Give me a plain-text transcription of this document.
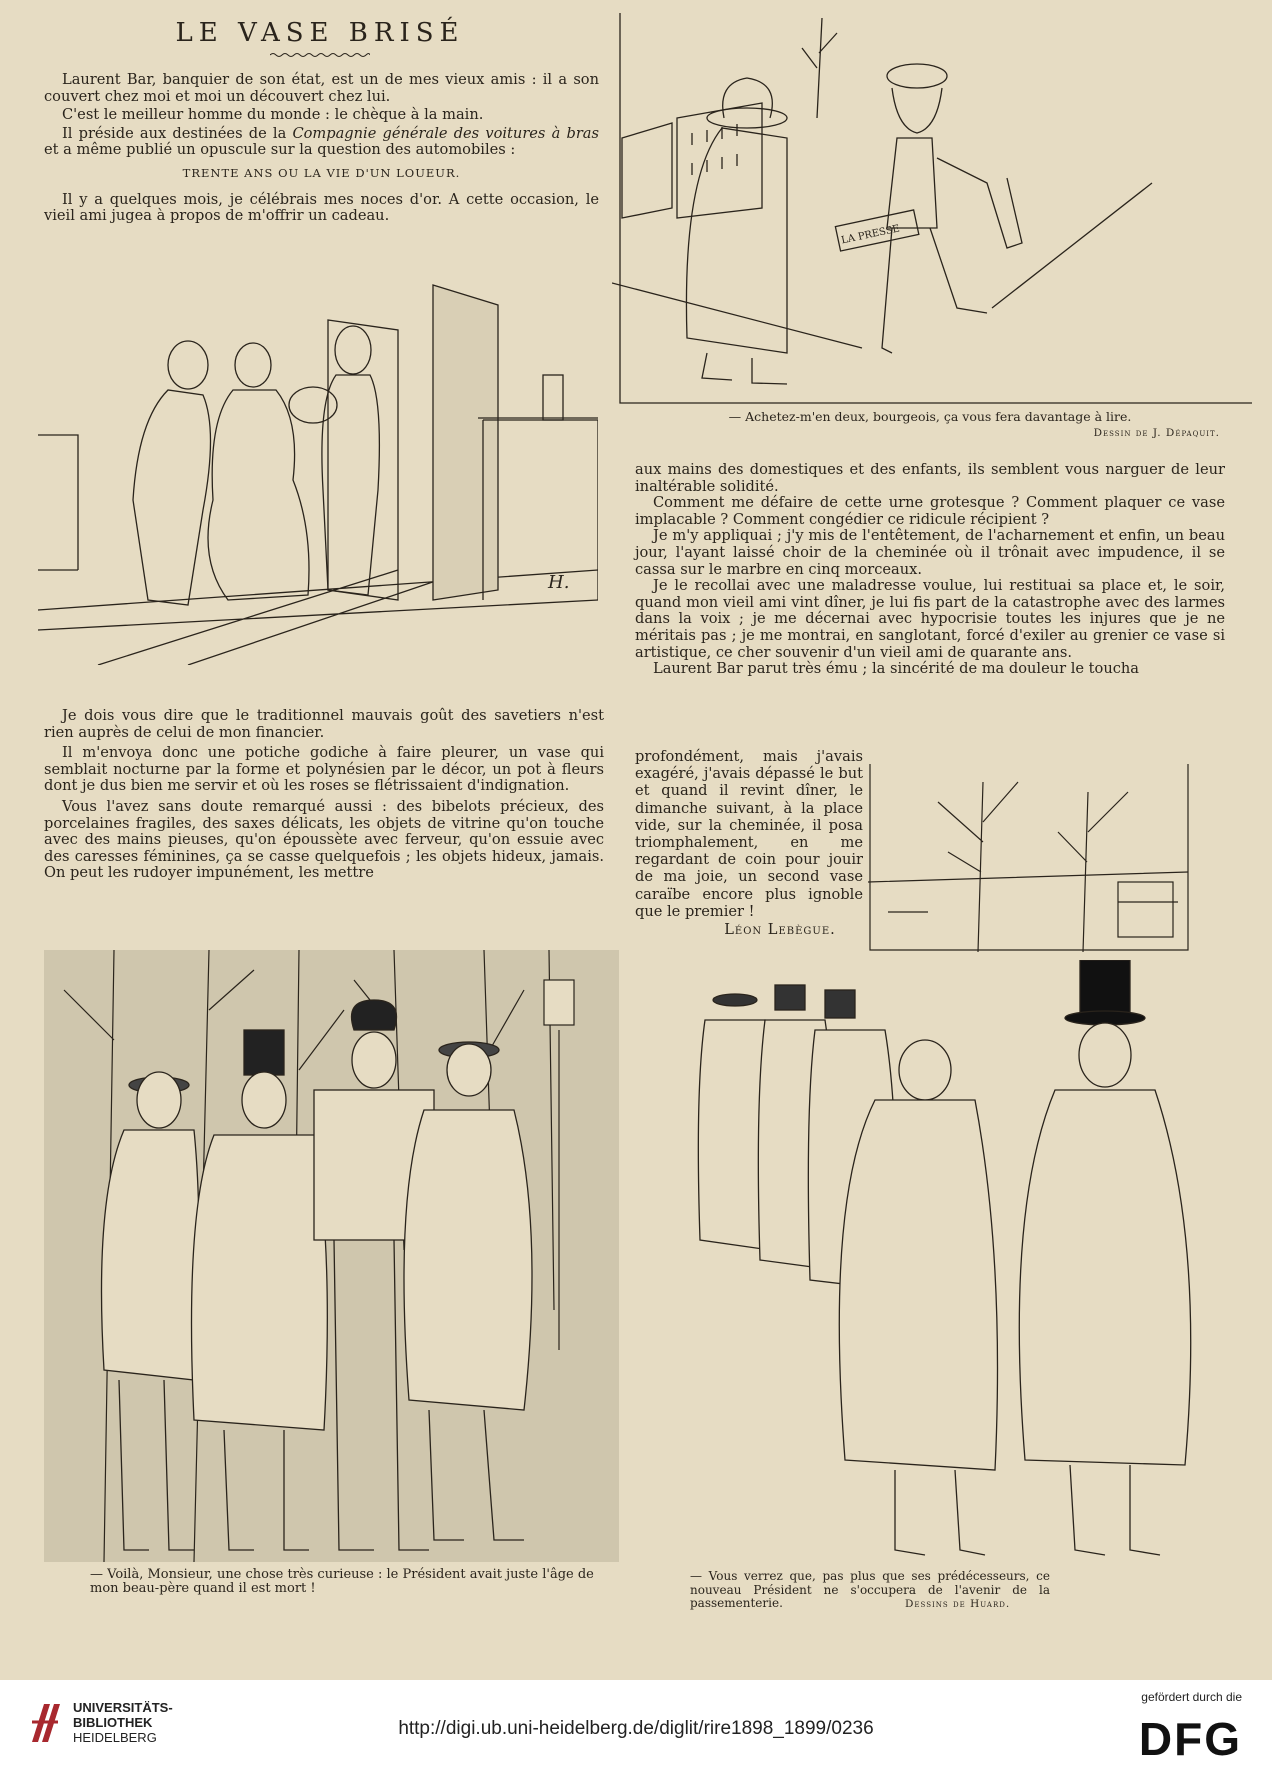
LE VASE BRISÉ

Laurent Bar, banquier de son état, est un de mes vieux amis : il a son couvert chez moi et moi un découvert chez lui.

C'est le meilleur homme du monde : le chèque à la main.

Il préside aux destinées de la Compagnie générale des voitures à bras et a même publié un opuscule sur la question des automobiles :

TRENTE ANS OU LA VIE D'UN LOUEUR.

Il y a quelques mois, je célébrais mes noces d'or. A cette occasion, le vieil ami jugea à propos de m'offrir un cadeau.

H.
LA PRESSE
— Achetez-m'en deux, bourgeois, ça vous fera davantage à lire.
Dessin de J. Dépaquit.

aux mains des domestiques et des enfants, ils semblent vous narguer de leur inaltérable solidité.

Comment me défaire de cette urne grotesque ? Comment plaquer ce vase implacable ? Comment congédier ce ridicule récipient ?

Je m'y appliquai ; j'y mis de l'entêtement, de l'acharnement et enfin, un beau jour, l'ayant laissé choir de la cheminée où il trônait avec impudence, il se cassa sur le marbre en cinq morceaux.

Je le recollai avec une maladresse voulue, lui restituai sa place et, le soir, quand mon vieil ami vint dîner, je lui fis part de la catastrophe avec des larmes dans la voix ; je me décernai avec hypocrisie toutes les injures que je ne méritais pas ; je me montrai, en sanglotant, forcé d'exiler au grenier ce vase si artistique, ce cher souvenir d'un vieil ami de quarante ans.

Laurent Bar parut très ému ; la sincérité de ma douleur le toucha

profondément, mais j'avais exagéré, j'avais dépassé le but et quand il revint dîner, le dimanche suivant, à la place vide, sur la cheminée, il posa triomphalement, en me regardant de coin pour jouir de ma joie, un second vase caraïbe encore plus ignoble que le premier !

Léon Lebègue.

Je dois vous dire que le traditionnel mauvais goût des savetiers n'est rien auprès de celui de mon financier.

Il m'envoya donc une potiche godiche à faire pleurer, un vase qui semblait nocturne par la forme et polynésien par le décor, un pot à fleurs dont je dus bien me servir et où les roses se flétrissaient d'indignation.

Vous l'avez sans doute remarqué aussi : des bibelots précieux, des porcelaines fragiles, des saxes délicats, les objets de vitrine qu'on touche avec des mains pieuses, qu'on époussète avec ferveur, qu'on essuie avec des caresses féminines, ça se casse quelquefois ; les objets hideux, jamais. On peut les rudoyer impunément, les mettre

— Voilà, Monsieur, une chose très curieuse : le Président avait juste l'âge de mon beau-père quand il est mort !
— Vous verrez que, pas plus que ses prédécesseurs, ce nouveau Président ne s'occupera de l'avenir de la passementerie.	Dessins de Huard.
UNIVERSITÄTS-
BIBLIOTHEK
HEIDELBERG	http://digi.ub.uni-heidelberg.de/diglit/rire1898_1899/0236
gefördert durch die
DFG
